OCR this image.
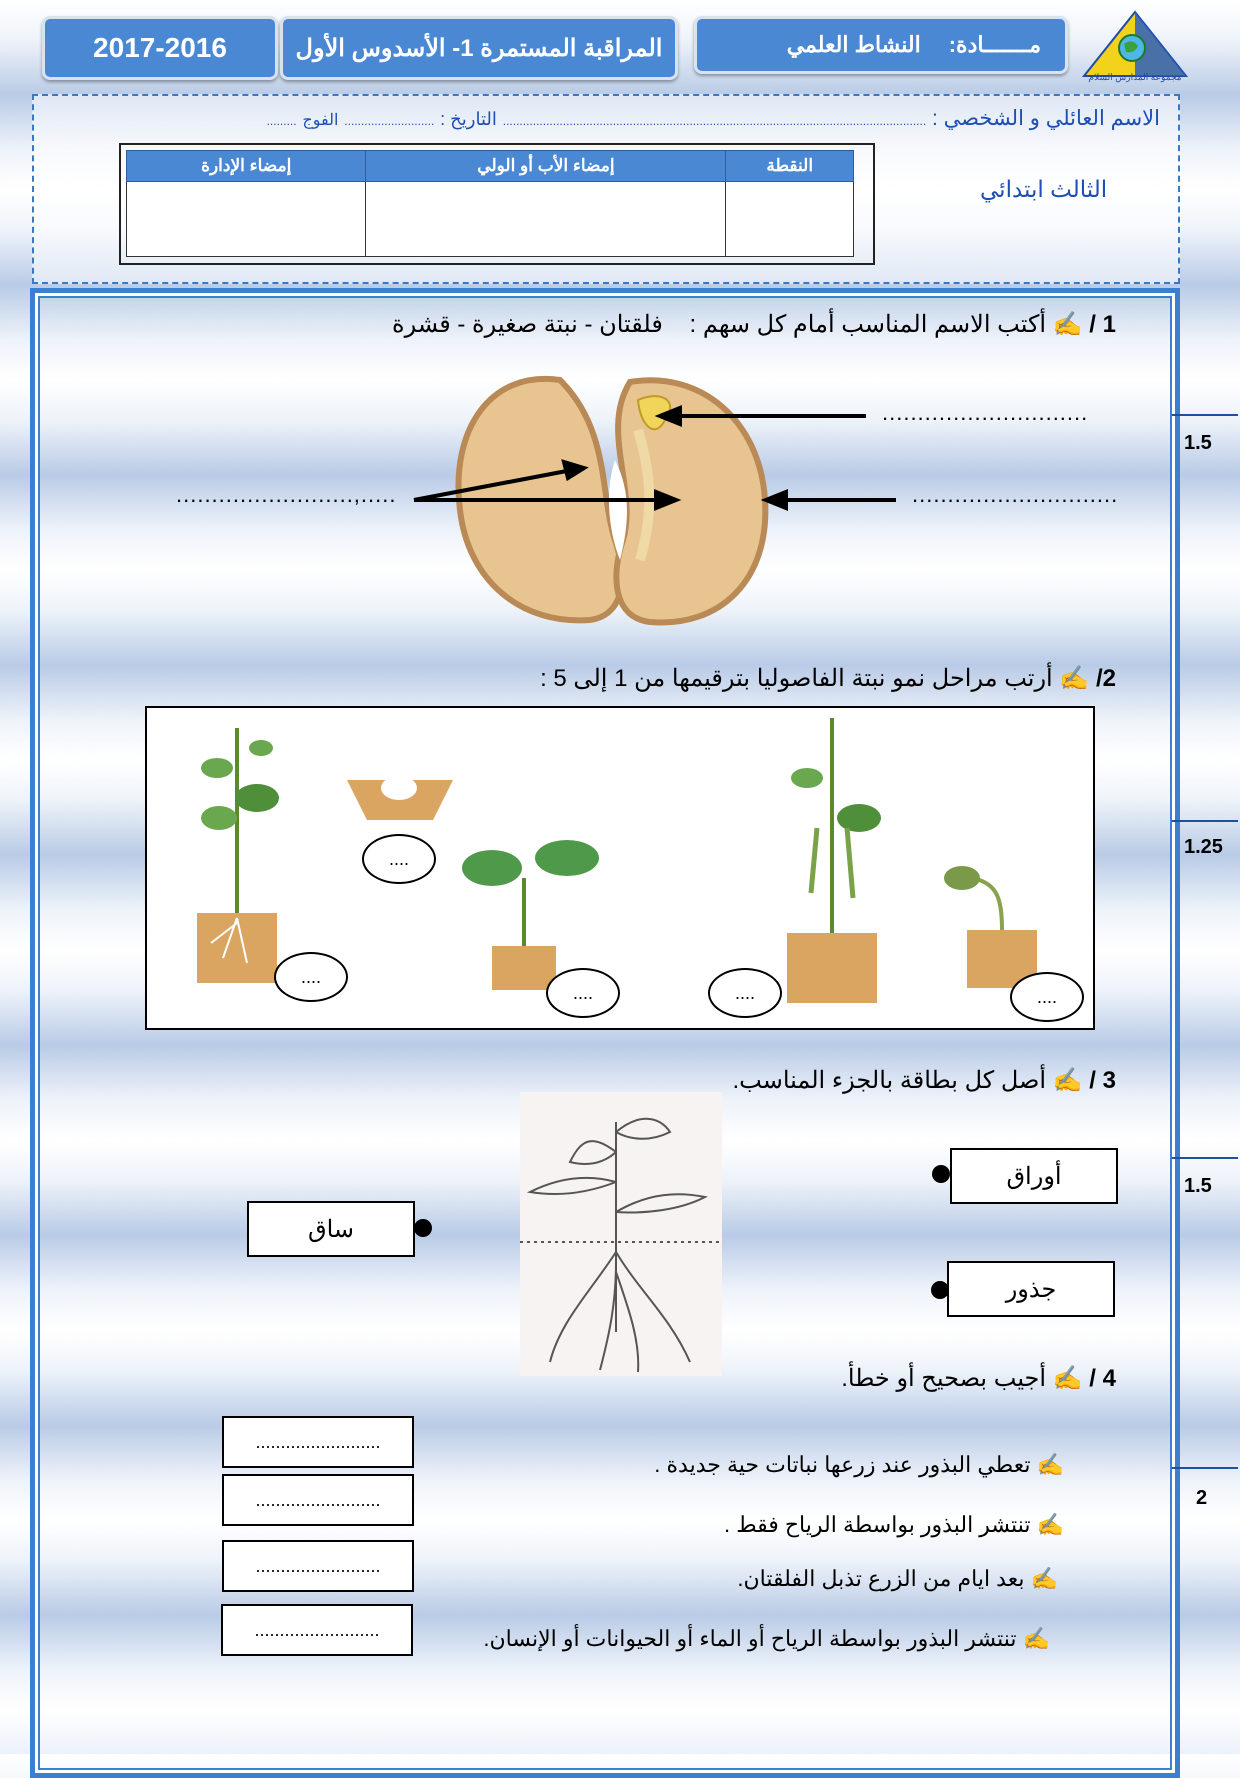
2017-2016	المراقبة المستمرة 1- الأسدوس الأول	مـــــــادة:
النشاط العلمي
مجموعة المدارس السلام
الاسم العائلي و الشخصي : ............................................................................................................................... التاريخ : ........................... الفوج .........
الثالث ابتدائي
النقطة	إمضاء الأب أو الولي	إمضاء الإدارة

1.5
1.25
1.5
2
1 / ✍ أكتب الاسم المناسب أمام كل سهم :    فلقتان - نبتة صغيرة - قشرة
.............................
.............................
.........................,.....
2/ ✍ أرتب مراحل نمو نبتة الفاصوليا بترقيمها من 1 إلى 5 :
....
....
....	....	....
3 / ✍ أصل كل بطاقة بالجزء المناسب.
أوراق
جذور
ساق
4 / ✍ أجيب بصحيح أو خطأ.
✍ تعطي البذور عند زرعها نباتات حية جديدة .
✍ تنتشر البذور بواسطة الرياح فقط .
✍ بعد ايام من الزرع تذبل الفلقتان.
✍ تنتشر البذور بواسطة الرياح أو الماء أو الحيوانات أو الإنسان.
.........................
.........................
.........................
.........................
